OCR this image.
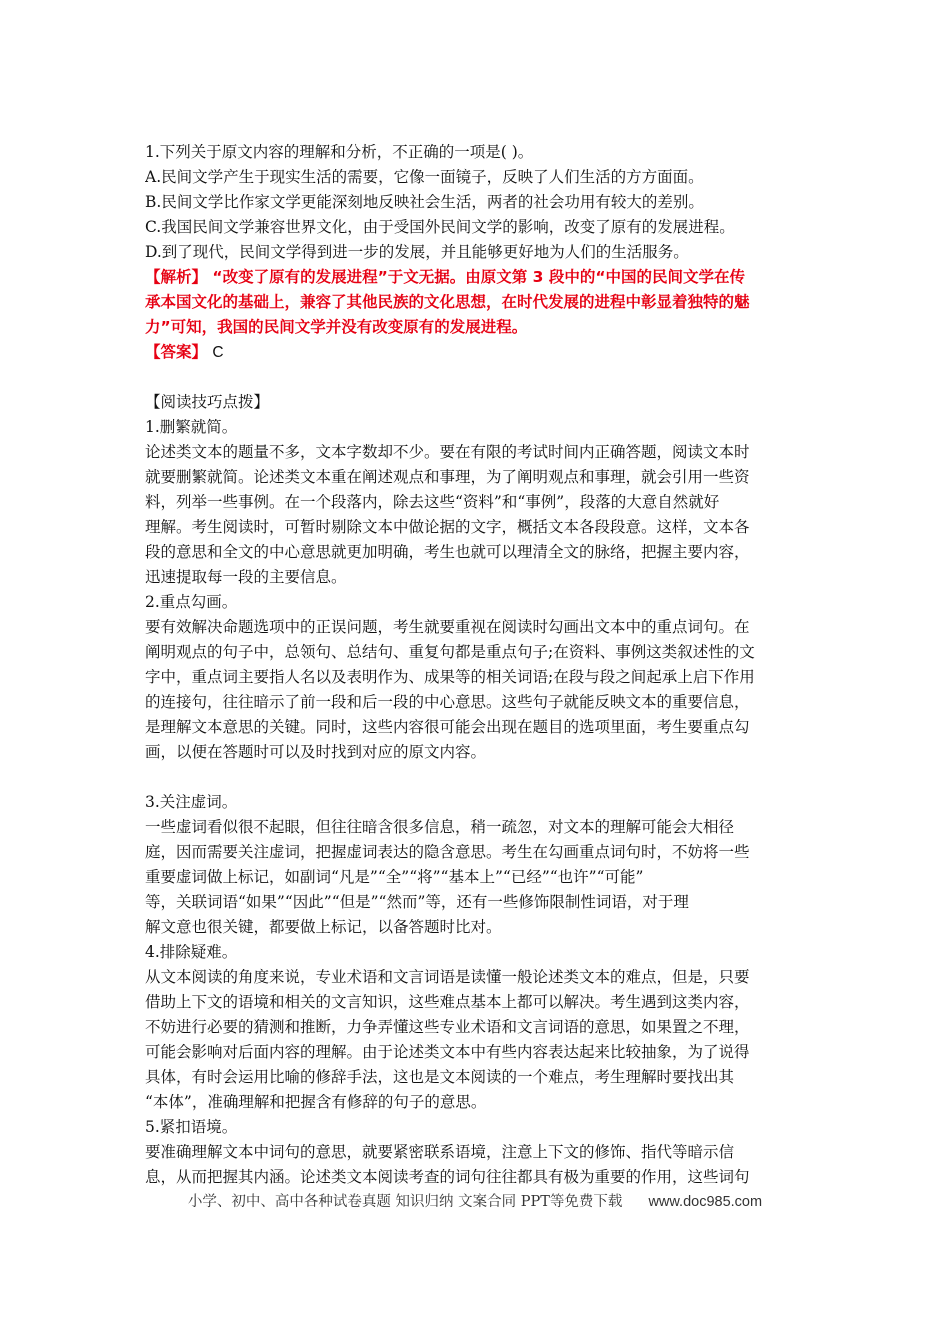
1.下列关于原文内容的理解和分析，不正确的一项是( )。
A.民间文学产生于现实生活的需要，它像一面镜子，反映了人们生活的方方面面。
B.民间文学比作家文学更能深刻地反映社会生活，两者的社会功用有较大的差别。
C.我国民间文学兼容世界文化，由于受国外民间文学的影响，改变了原有的发展进程。
D.到了现代，民间文学得到进一步的发展，并且能够更好地为人们的生活服务。
【解析】 “改变了原有的发展进程”于文无据。由原文第 3 段中的“中国的民间文学在传
承本国文化的基础上，兼容了其他民族的文化思想，在时代发展的进程中彰显着独特的魅
力”可知，我国的民间文学并没有改变原有的发展进程。
【答案】 C
【阅读技巧点拨】
1.删繁就简。
论述类文本的题量不多，文本字数却不少。要在有限的考试时间内正确答题，阅读文本时
就要删繁就简。论述类文本重在阐述观点和事理，为了阐明观点和事理，就会引用一些资
料，列举一些事例。在一个段落内，除去这些“资料”和“事例”，段落的大意自然就好
理解。考生阅读时，可暂时剔除文本中做论据的文字，概括文本各段段意。这样，文本各
段的意思和全文的中心意思就更加明确，考生也就可以理清全文的脉络，把握主要内容，
迅速提取每一段的主要信息。
2.重点勾画。
要有效解决命题选项中的正误问题，考生就要重视在阅读时勾画出文本中的重点词句。在
阐明观点的句子中，总领句、总结句、重复句都是重点句子;在资料、事例这类叙述性的文
字中，重点词主要指人名以及表明作为、成果等的相关词语;在段与段之间起承上启下作用
的连接句，往往暗示了前一段和后一段的中心意思。这些句子就能反映文本的重要信息，
是理解文本意思的关键。同时，这些内容很可能会出现在题目的选项里面，考生要重点勾
画，以便在答题时可以及时找到对应的原文内容。
3.关注虚词。
一些虚词看似很不起眼，但往往暗含很多信息，稍一疏忽，对文本的理解可能会大相径
庭，因而需要关注虚词，把握虚词表达的隐含意思。考生在勾画重点词句时，不妨将一些
重要虚词做上标记，如副词“凡是”“全”“将”“基本上”“已经”“也许”“可能”
等，关联词语“如果”“因此”“但是”“然而”等，还有一些修饰限制性词语，对于理
解文意也很关键，都要做上标记，以备答题时比对。
4.排除疑难。
从文本阅读的角度来说，专业术语和文言词语是读懂一般论述类文本的难点，但是，只要
借助上下文的语境和相关的文言知识，这些难点基本上都可以解决。考生遇到这类内容，
不妨进行必要的猜测和推断，力争弄懂这些专业术语和文言词语的意思，如果置之不理，
可能会影响对后面内容的理解。由于论述类文本中有些内容表达起来比较抽象，为了说得
具体，有时会运用比喻的修辞手法，这也是文本阅读的一个难点，考生理解时要找出其
“本体”，准确理解和把握含有修辞的句子的意思。
5.紧扣语境。
要准确理解文本中词句的意思，就要紧密联系语境，注意上下文的修饰、指代等暗示信
息，从而把握其内涵。论述类文本阅读考查的词句往往都具有极为重要的作用，这些词句
小学、初中、高中各种试卷真题 知识归纳 文案合同 PPT等免费下载 www.doc985.com
